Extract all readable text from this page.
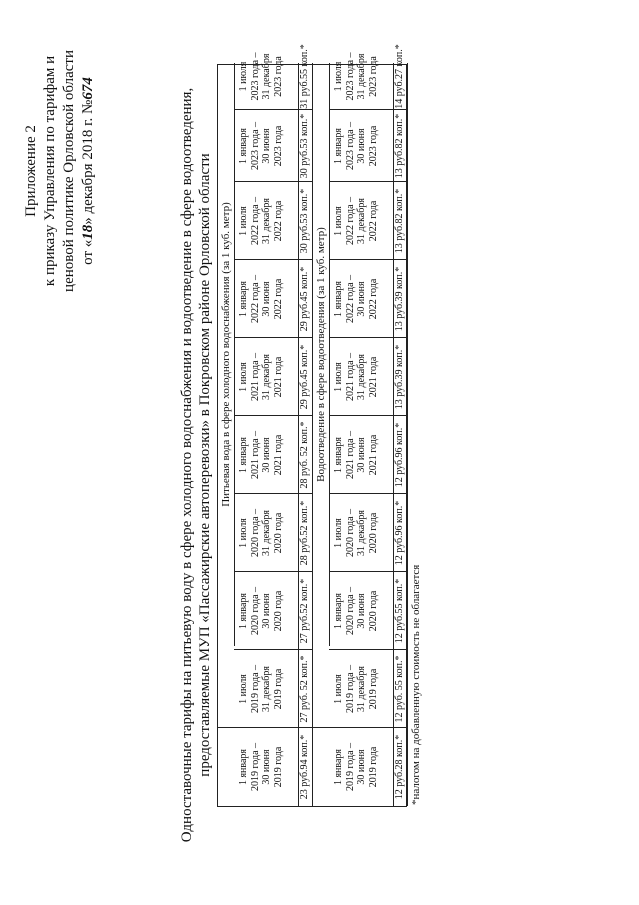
Приложение 2 к приказу Управления по тарифам и ценовой политике Орловской области от «18» декабря 2018 г. №674	Одноставочные тарифы на питьевую воду в сфере холодного водоснабжения и водоотведение в сфере водоотведения, предоставляемые МУП «Пассажирские автоперевозки» в Покровском районе Орловской области Питьевая вода в сфере холодного водоснабжения (за 1 куб. метр)
1 января
2019 года –
30 июня
2019 года 23 руб.94 коп.*
1 июля
2019 года –
31 декабря
2019 года 27 руб. 52 коп.*
1 января
2020 года –
30 июня
2020 года 27 руб.52 коп.*
1 июля
2020 года –
31 декабря
2020 года 28 руб.52 коп.*
1 января
2021 года –
30 июня
2021 года 28 руб. 52 коп.*
1 июля
2021 года –
31 декабря
2021 года 29 руб.45 коп.*
1 января
2022 года –
30 июня
2022 года 29 руб.45 коп.*
1 июля
2022 года –
31 декабря
2022 года 30 руб.53 коп.*
1 января
2023 года –
30 июня
2023 года 30 руб.53 коп.*
1 июля
2023 года –
31 декабря
2023 года 31 руб.55 коп.*
Водоотведение в сфере водоотведения (за 1 куб. метр)
1 января
2019 года –
30 июня
2019 года 12 руб.28 коп.*
1 июля
2019 года –
31 декабря
2019 года 12 руб. 55 коп.*
1 января
2020 года –
30 июня
2020 года 12 руб.55 коп.*
1 июля
2020 года –
31 декабря
2020 года 12 руб.96 коп.*
1 января
2021 года –
30 июня
2021 года 12 руб.96 коп.*
1 июля
2021 года –
31 декабря
2021 года 13 руб.39 коп.*
1 января
2022 года –
30 июня
2022 года 13 руб.39 коп.*
1 июля
2022 года –
31 декабря
2022 года 13 руб.82 коп.*
1 января
2023 года –
30 июня
2023 года 13 руб.82 коп.*
1 июля
2023 года –
31 декабря
2023 года 14 руб.27 коп.*
*налогом на добавленную стоимость не облагается
